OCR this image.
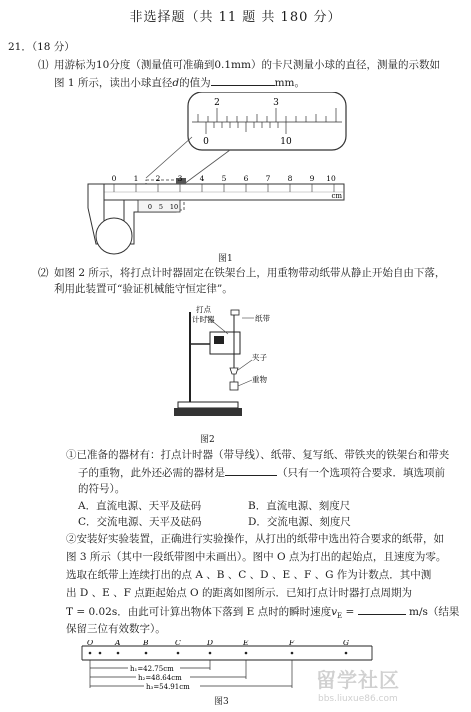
非选择题（共 11 题 共 180 分）
21．（18 分）
⑴ 用游标为10分度（测量值可准确到0.1mm）的卡尺测量小球的直径，测量的示数如
图 1 所示，读出小球直径d的值为	mm。
2	3
0	10
0 1 2 3 4 5 6 7 8 9 10
cm
0 5 10
图1
⑵ 如图 2 所示，将打点计时器固定在铁架台上，用重物带动纸带从静止开始自由下落，
利用此装置可“验证机械能守恒定律”。
打点
计时器	纸带
夹子
重物
图2
①已准备的器材有：打点计时器（带导线）、纸带、复写纸、带铁夹的铁架台和带夹
子的重物，此外还必需的器材是	（只有一个选项符合要求．填选项前
的符号）。
A．直流电源、天平及砝码	B．直流电源、刻度尺
C．交流电源、天平及砝码	D．交流电源、刻度尺
②安装好实验装置，正确进行实验操作，从打出的纸带中选出符合要求的纸带，如
图 3 所示（其中一段纸带图中未画出）。图中 O 点为打出的起始点，且速度为零。
选取在纸带上连续打出的点 A 、B 、C 、D 、E 、F 、G 作为计数点．其中测
出 D 、E 、F 点距起始点 O 的距离如图所示．已知打点计时器打点周期为
T = 0.02s．由此可计算出物体下落到 E 点时的瞬时速度$v_E$ =	m/s（结果
保留三位有效数字）。
O	A	B	C	D	E	F	G
h₁=42.75cm
h₂=48.64cm
h₃=54.91cm
图3
留学社区
bbs.liuxue86.com
